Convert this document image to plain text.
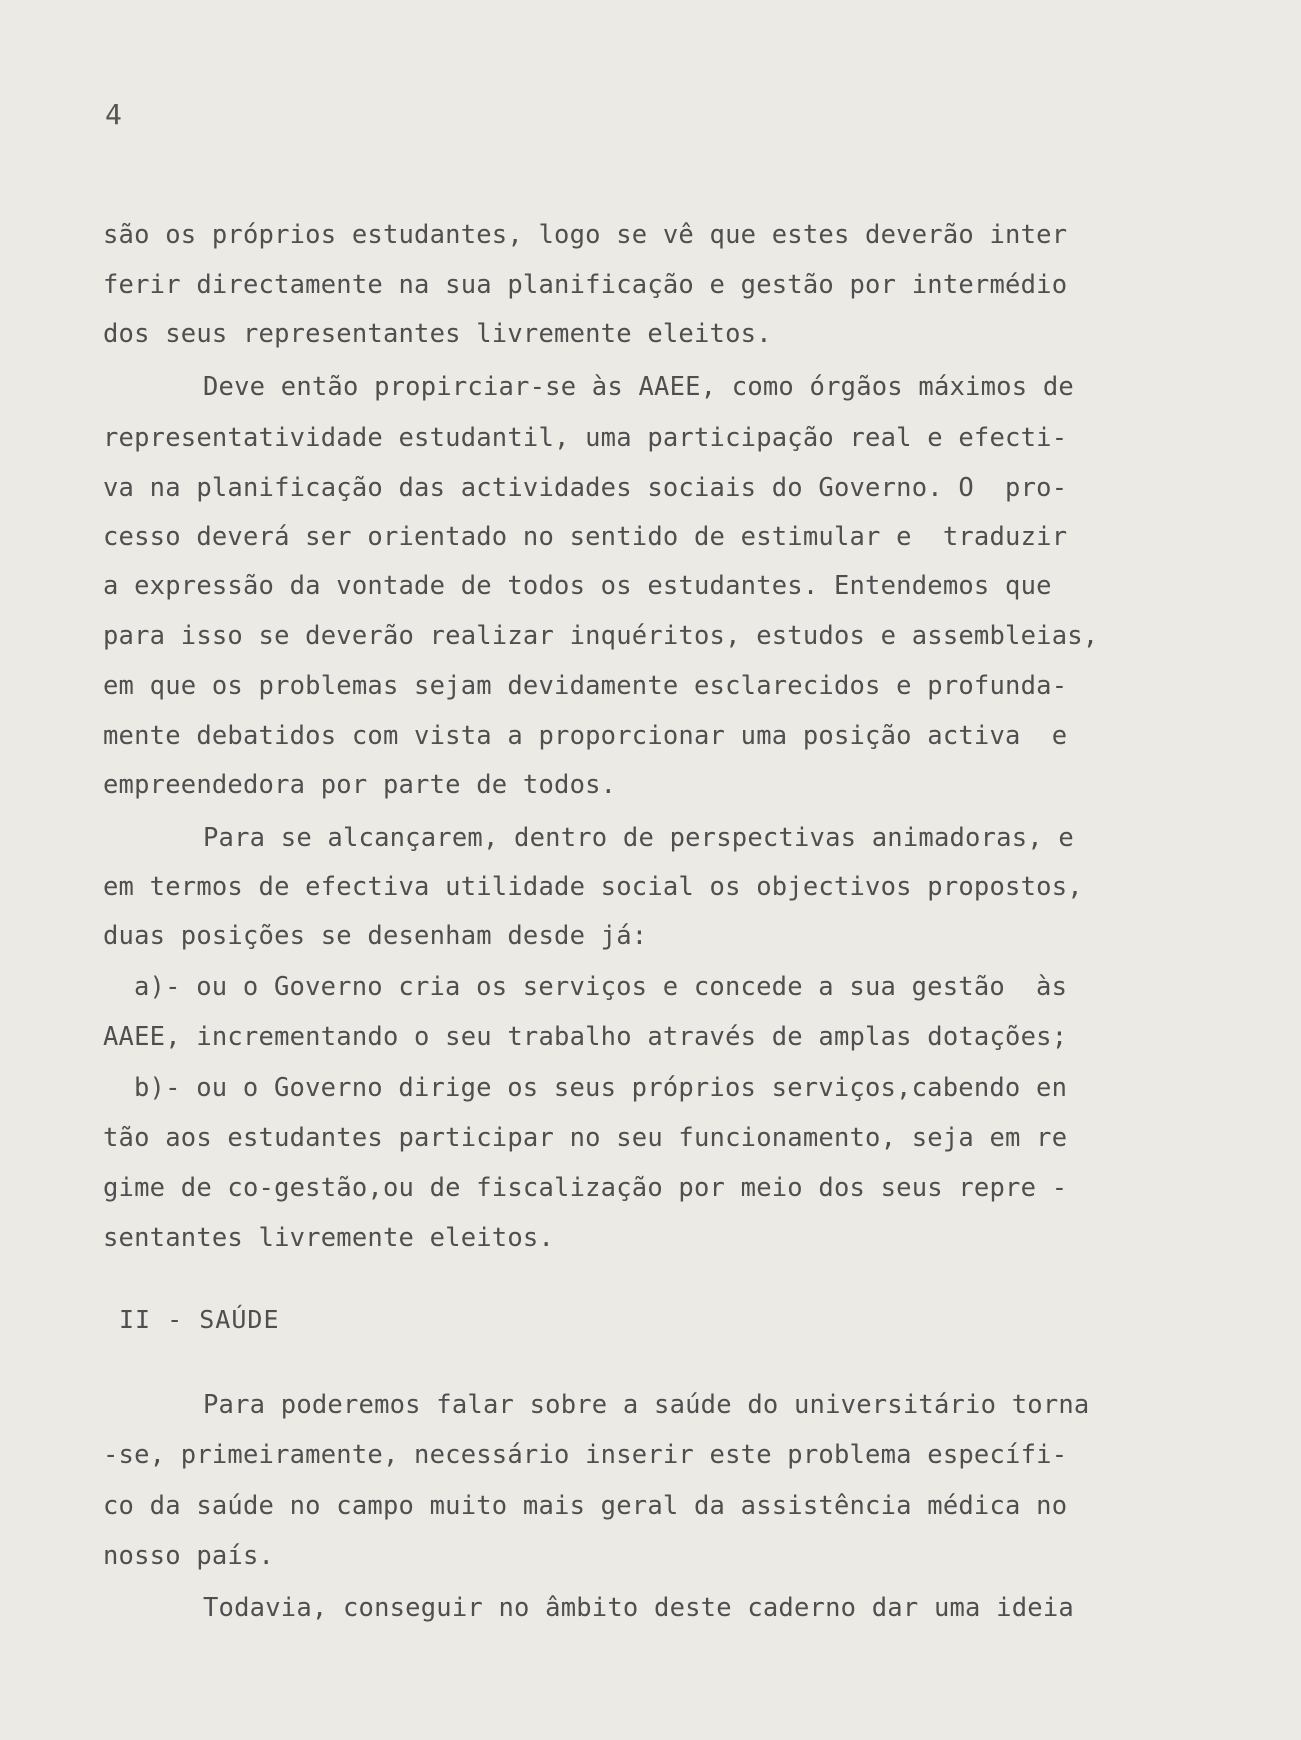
4

são os próprios estudantes, logo se vê que estes deverão inter
ferir directamente na sua planificação e gestão por intermédio
dos seus representantes livremente eleitos.
Deve então propirciar-se às AAEE, como órgãos máximos de
representatividade estudantil, uma participação real e efecti-
va na planificação das actividades sociais do Governo. O  pro-
cesso deverá ser orientado no sentido de estimular e  traduzir
a expressão da vontade de todos os estudantes. Entendemos que
para isso se deverão realizar inquéritos, estudos e assembleias,
em que os problemas sejam devidamente esclarecidos e profunda-
mente debatidos com vista a proporcionar uma posição activa  e
empreendedora por parte de todos.
Para se alcançarem, dentro de perspectivas animadoras, e
em termos de efectiva utilidade social os objectivos propostos,
duas posições se desenham desde já:
a)- ou o Governo cria os serviços e concede a sua gestão  às
AAEE, incrementando o seu trabalho através de amplas dotações;
b)- ou o Governo dirige os seus próprios serviços,cabendo en
tão aos estudantes participar no seu funcionamento, seja em re
gime de co-gestão,ou de fiscalização por meio dos seus repre -
sentantes livremente eleitos.
II - SAÚDE
Para poderemos falar sobre a saúde do universitário torna
-se, primeiramente, necessário inserir este problema específi-
co da saúde no campo muito mais geral da assistência médica no
nosso país.
Todavia, conseguir no âmbito deste caderno dar uma ideia
